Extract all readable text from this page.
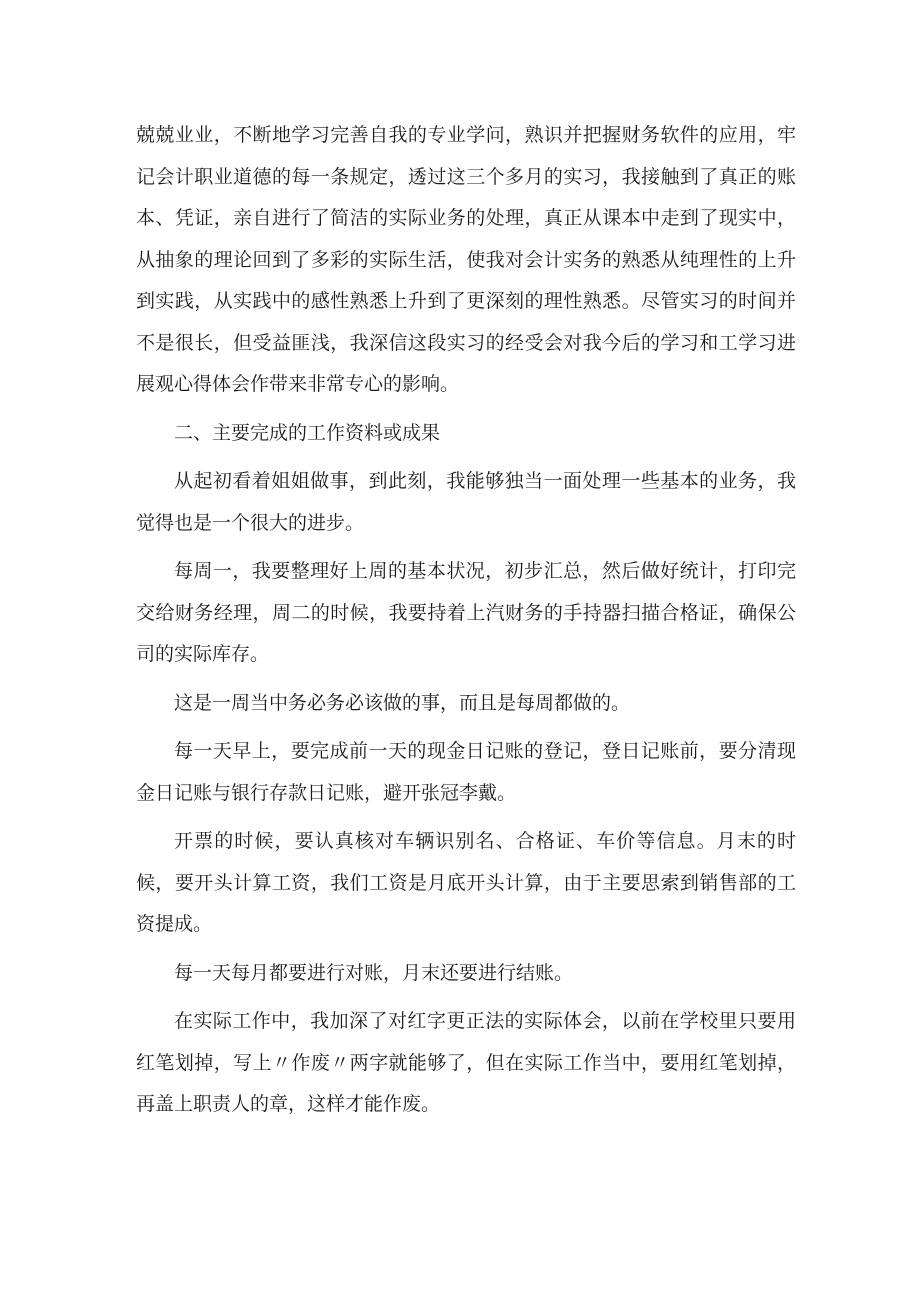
兢兢业业，不断地学习完善自我的专业学问，熟识并把握财务软件的应用，牢记会计职业道德的每一条规定，透过这三个多月的实习，我接触到了真正的账本、凭证，亲自进行了简洁的实际业务的处理，真正从课本中走到了现实中，从抽象的理论回到了多彩的实际生活，使我对会计实务的熟悉从纯理性的上升到实践，从实践中的感性熟悉上升到了更深刻的理性熟悉。尽管实习的时间并不是很长，但受益匪浅，我深信这段实习的经受会对我今后的学习和工学习进展观心得体会作带来非常专心的影响。

二、主要完成的工作资料或成果

从起初看着姐姐做事，到此刻，我能够独当一面处理一些基本的业务，我觉得也是一个很大的进步。

每周一，我要整理好上周的基本状况，初步汇总，然后做好统计，打印完交给财务经理，周二的时候，我要持着上汽财务的手持器扫描合格证，确保公司的实际库存。

这是一周当中务必务必该做的事，而且是每周都做的。

每一天早上，要完成前一天的现金日记账的登记，登日记账前，要分清现金日记账与银行存款日记账，避开张冠李戴。

开票的时候，要认真核对车辆识别名、合格证、车价等信息。月末的时候，要开头计算工资，我们工资是月底开头计算，由于主要思索到销售部的工资提成。

每一天每月都要进行对账，月末还要进行结账。

在实际工作中，我加深了对红字更正法的实际体会，以前在学校里只要用红笔划掉，写上〃作废〃两字就能够了，但在实际工作当中，要用红笔划掉，再盖上职责人的章，这样才能作废。
